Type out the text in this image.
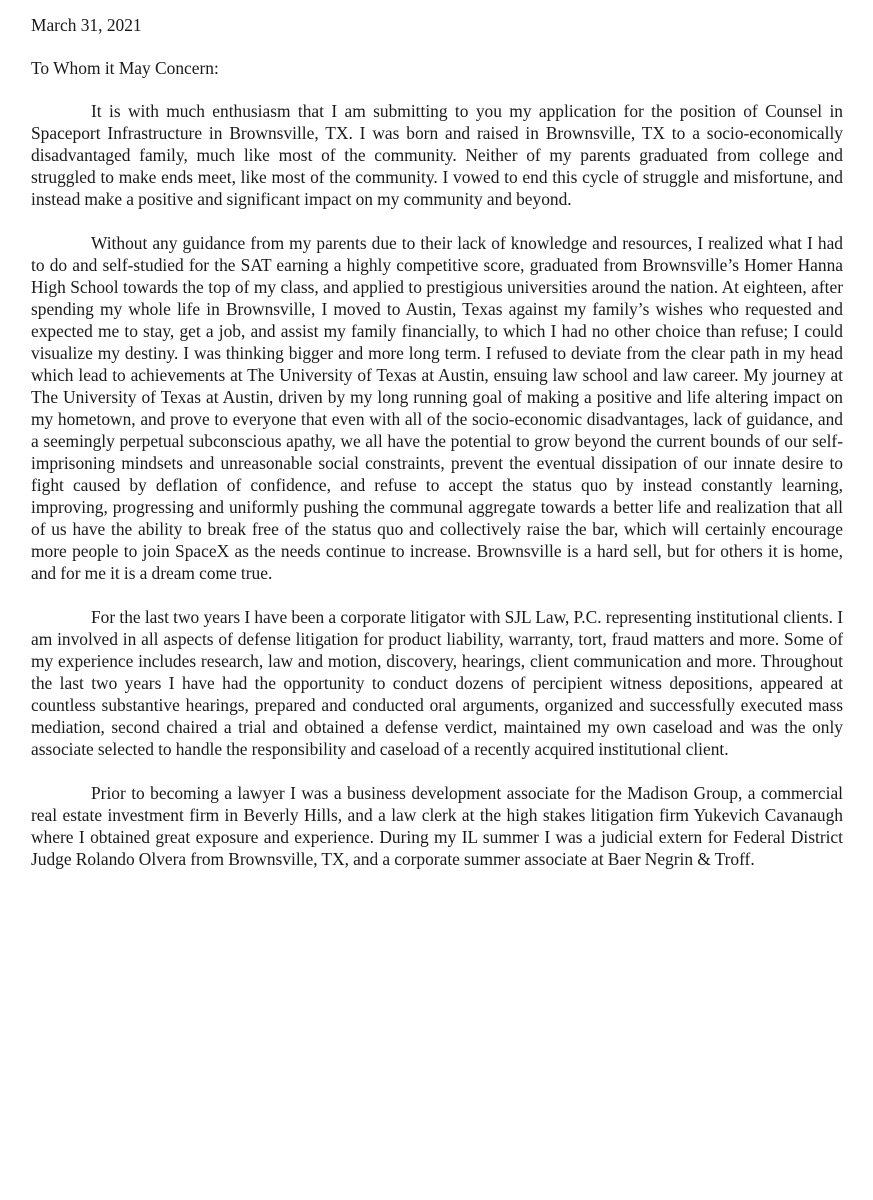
March 31, 2021

To Whom it May Concern:

It is with much enthusiasm that I am submitting to you my application for the position of Counsel in Spaceport Infrastructure in Brownsville, TX. I was born and raised in Brownsville, TX to a socio-economically disadvantaged family, much like most of the community. Neither of my parents graduated from college and struggled to make ends meet, like most of the community. I vowed to end this cycle of struggle and misfortune, and instead make a positive and significant impact on my community and beyond.

Without any guidance from my parents due to their lack of knowledge and resources, I realized what I had to do and self-studied for the SAT earning a highly competitive score, graduated from Brownsville’s Homer Hanna High School towards the top of my class, and applied to prestigious universities around the nation. At eighteen, after spending my whole life in Brownsville, I moved to Austin, Texas against my family’s wishes who requested and expected me to stay, get a job, and assist my family financially, to which I had no other choice than refuse; I could visualize my destiny. I was thinking bigger and more long term. I refused to deviate from the clear path in my head which lead to achievements at The University of Texas at Austin, ensuing law school and law career. My journey at The University of Texas at Austin, driven by my long running goal of making a positive and life altering impact on my hometown, and prove to everyone that even with all of the socio-economic disadvantages, lack of guidance, and a seemingly perpetual subconscious apathy, we all have the potential to grow beyond the current bounds of our self-imprisoning mindsets and unreasonable social constraints, prevent the eventual dissipation of our innate desire to fight caused by deflation of confidence, and refuse to accept the status quo by instead constantly learning, improving, progressing and uniformly pushing the communal aggregate towards a better life and realization that all of us have the ability to break free of the status quo and collectively raise the bar, which will certainly encourage more people to join SpaceX as the needs continue to increase. Brownsville is a hard sell, but for others it is home, and for me it is a dream come true.

For the last two years I have been a corporate litigator with SJL Law, P.C. representing institutional clients. I am involved in all aspects of defense litigation for product liability, warranty, tort, fraud matters and more. Some of my experience includes research, law and motion, discovery, hearings, client communication and more. Throughout the last two years I have had the opportunity to conduct dozens of percipient witness depositions, appeared at countless substantive hearings, prepared and conducted oral arguments, organized and successfully executed mass mediation, second chaired a trial and obtained a defense verdict, maintained my own caseload and was the only associate selected to handle the responsibility and caseload of a recently acquired institutional client.

Prior to becoming a lawyer I was a business development associate for the Madison Group, a commercial real estate investment firm in Beverly Hills, and a law clerk at the high stakes litigation firm Yukevich Cavanaugh where I obtained great exposure and experience. During my IL summer I was a judicial extern for Federal District Judge Rolando Olvera from Brownsville, TX, and a corporate summer associate at Baer Negrin & Troff.
